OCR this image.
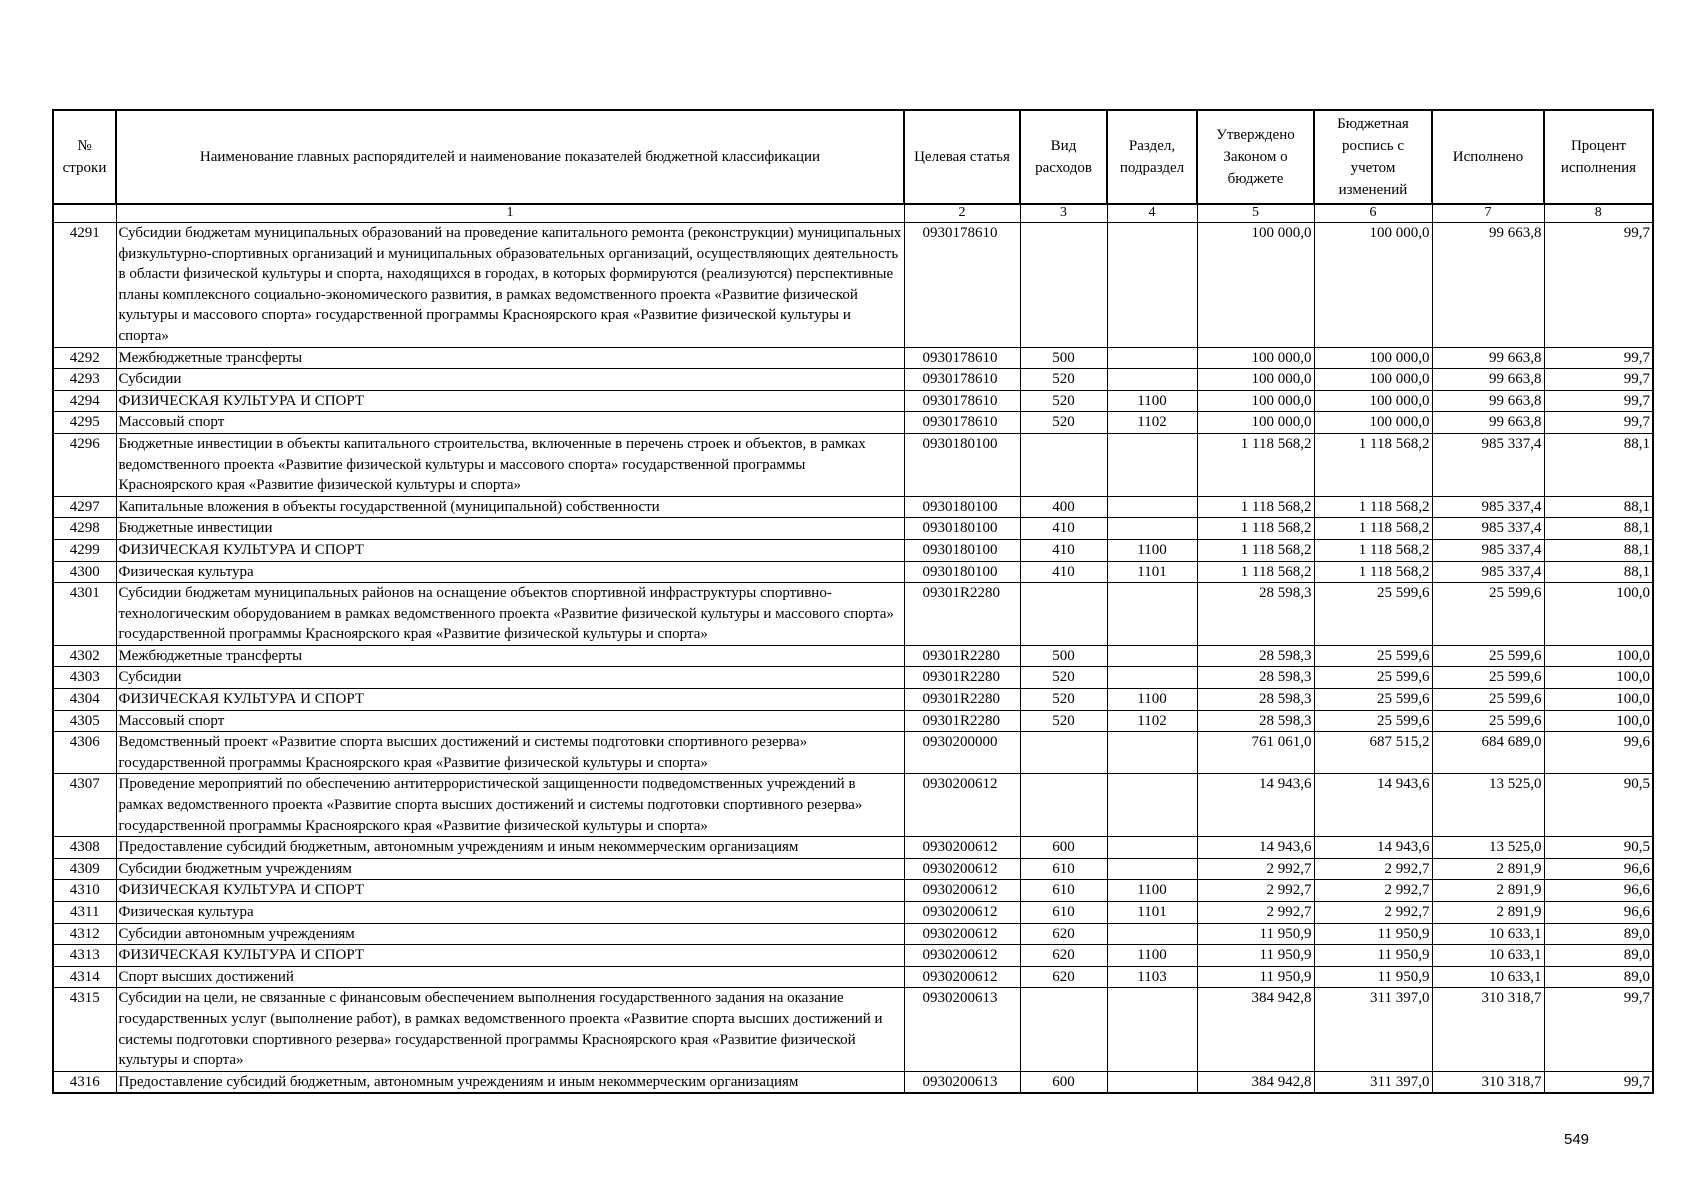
№ строки	Наименование главных распорядителей и наименование показателей бюджетной классификации	Целевая статья	Вид расходов	Раздел, подраздел	Утверждено Законом о бюджете	Бюджетная роспись с учетом изменений	Исполнено	Процент исполнения
	1	2	3	4	5	6	7	8
4291	Субсидии бюджетам муниципальных образований на проведение капитального ремонта (реконструкции) муниципальных физкультурно-спортивных организаций и муниципальных образовательных организаций, осуществляющих деятельность в области физической культуры и спорта, находящихся в городах, в которых формируются (реализуются) перспективные планы комплексного социально-экономического развития, в рамках ведомственного проекта «Развитие физической культуры и массового спорта» государственной программы Красноярского края «Развитие физической культуры и спорта»	0930178610			100 000,0	100 000,0	99 663,8	99,7
4292	Межбюджетные трансферты	0930178610	500		100 000,0	100 000,0	99 663,8	99,7
4293	Субсидии	0930178610	520		100 000,0	100 000,0	99 663,8	99,7
4294	ФИЗИЧЕСКАЯ КУЛЬТУРА И СПОРТ	0930178610	520	1100	100 000,0	100 000,0	99 663,8	99,7
4295	Массовый спорт	0930178610	520	1102	100 000,0	100 000,0	99 663,8	99,7
4296	Бюджетные инвестиции в объекты капитального строительства, включенные в перечень строек и объектов, в рамках ведомственного проекта «Развитие физической культуры и массового спорта» государственной программы Красноярского края «Развитие физической культуры и спорта»	0930180100			1 118 568,2	1 118 568,2	985 337,4	88,1
4297	Капитальные вложения в объекты государственной (муниципальной) собственности	0930180100	400		1 118 568,2	1 118 568,2	985 337,4	88,1
4298	Бюджетные инвестиции	0930180100	410		1 118 568,2	1 118 568,2	985 337,4	88,1
4299	ФИЗИЧЕСКАЯ КУЛЬТУРА И СПОРТ	0930180100	410	1100	1 118 568,2	1 118 568,2	985 337,4	88,1
4300	Физическая культура	0930180100	410	1101	1 118 568,2	1 118 568,2	985 337,4	88,1
4301	Субсидии бюджетам муниципальных районов на оснащение объектов спортивной инфраструктуры спортивно-технологическим оборудованием в рамках ведомственного проекта «Развитие физической культуры и массового спорта» государственной программы Красноярского края «Развитие физической культуры и спорта»	09301R2280			28 598,3	25 599,6	25 599,6	100,0
4302	Межбюджетные трансферты	09301R2280	500		28 598,3	25 599,6	25 599,6	100,0
4303	Субсидии	09301R2280	520		28 598,3	25 599,6	25 599,6	100,0
4304	ФИЗИЧЕСКАЯ КУЛЬТУРА И СПОРТ	09301R2280	520	1100	28 598,3	25 599,6	25 599,6	100,0
4305	Массовый спорт	09301R2280	520	1102	28 598,3	25 599,6	25 599,6	100,0
4306	Ведомственный проект «Развитие спорта высших достижений и системы подготовки спортивного резерва» государственной программы Красноярского края «Развитие физической культуры и спорта»	0930200000			761 061,0	687 515,2	684 689,0	99,6
4307	Проведение мероприятий по обеспечению антитеррористической защищенности подведомственных учреждений в рамках ведомственного проекта «Развитие спорта высших достижений и системы подготовки спортивного резерва» государственной программы Красноярского края «Развитие физической культуры и спорта»	0930200612			14 943,6	14 943,6	13 525,0	90,5
4308	Предоставление субсидий бюджетным, автономным учреждениям и иным некоммерческим организациям	0930200612	600		14 943,6	14 943,6	13 525,0	90,5
4309	Субсидии бюджетным учреждениям	0930200612	610		2 992,7	2 992,7	2 891,9	96,6
4310	ФИЗИЧЕСКАЯ КУЛЬТУРА И СПОРТ	0930200612	610	1100	2 992,7	2 992,7	2 891,9	96,6
4311	Физическая культура	0930200612	610	1101	2 992,7	2 992,7	2 891,9	96,6
4312	Субсидии автономным учреждениям	0930200612	620		11 950,9	11 950,9	10 633,1	89,0
4313	ФИЗИЧЕСКАЯ КУЛЬТУРА И СПОРТ	0930200612	620	1100	11 950,9	11 950,9	10 633,1	89,0
4314	Спорт высших достижений	0930200612	620	1103	11 950,9	11 950,9	10 633,1	89,0
4315	Субсидии на цели, не связанные с финансовым обеспечением выполнения государственного задания на оказание государственных услуг (выполнение работ), в рамках ведомственного проекта «Развитие спорта высших достижений и системы подготовки спортивного резерва» государственной программы Красноярского края «Развитие физической культуры и спорта»	0930200613			384 942,8	311 397,0	310 318,7	99,7
4316	Предоставление субсидий бюджетным, автономным учреждениям и иным некоммерческим организациям	0930200613	600		384 942,8	311 397,0	310 318,7	99,7
549
